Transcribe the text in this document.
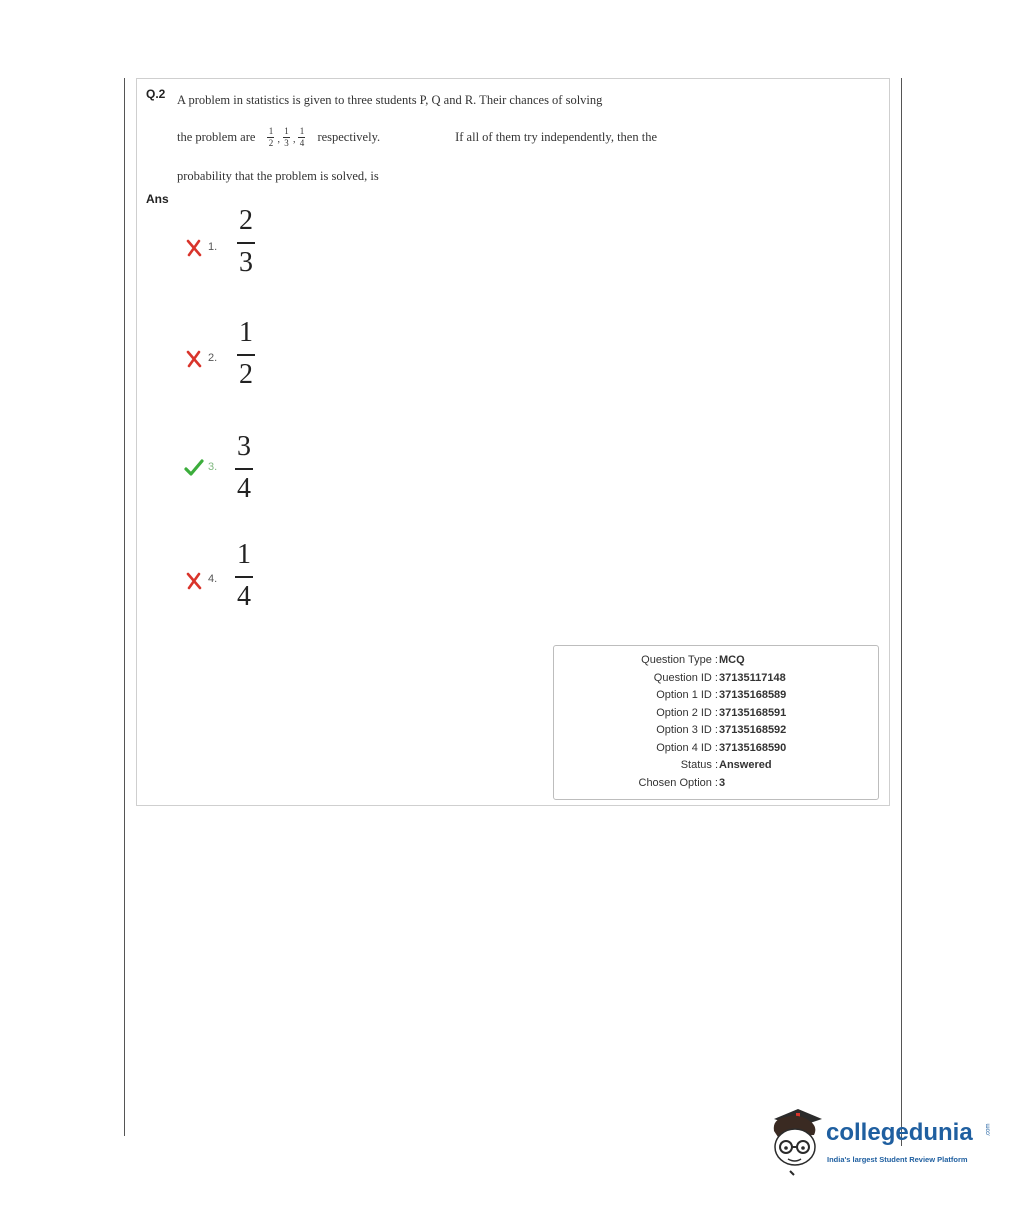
Q.2 A problem in statistics is given to three students P, Q and R. Their chances of solving
the problem are $\frac{1}{2}$ , $\frac{1}{3}$ , $\frac{1}{4}$ respectively.	If all of them try independently, then the
probability that the problem is solved, is
Ans
1.
2
3
2.
1
2
3.
3
4
4.
1
4
Question Type : MCQ
Question ID : 37135117148
Option 1 ID : 37135168589
Option 2 ID : 37135168591
Option 3 ID : 37135168592
Option 4 ID : 37135168590
Status : Answered
Chosen Option : 3
collegedunia .com
India's largest Student Review Platform
